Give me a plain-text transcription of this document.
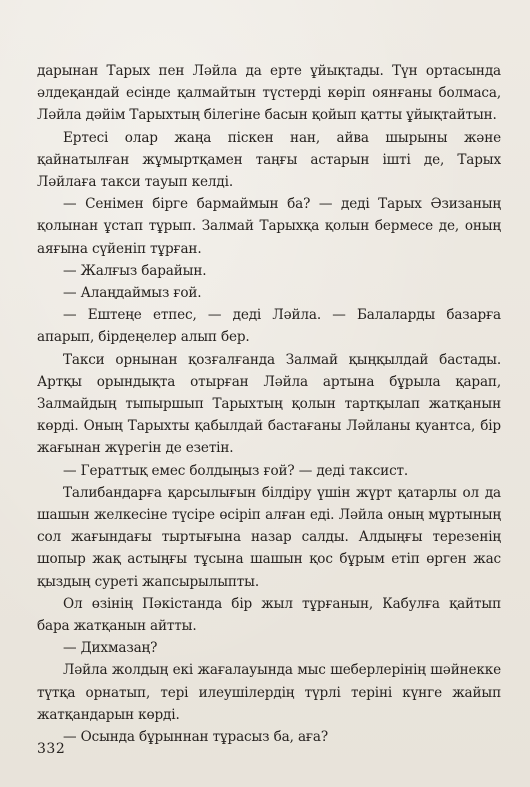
дарынан Тарых пен Ләйла да ерте ұйықтады. Түн ортасында әлдеқандай есінде қалмайтын түстерді көріп оянғаны болмаса, Ләйла дәйім Тарыхтың білегіне басын қойып қатты ұйықтайтын.

Ертесі олар жаңа піскен нан, айва шырыны және қайнатылған жұмыртқамен таңғы астарын ішті де, Тарых Ләйлаға такси тауып келді.

— Сенімен бірге бармаймын ба? — деді Тарых Әзизаның қолынан ұстап тұрып. Залмай Тарыхқа қолын бермесе де, оның аяғына сүйеніп тұрған.

— Жалғыз барайын.

— Алаңдаймыз ғой.

— Ештеңе етпес, — деді Ләйла. — Балаларды базарға апарып, бірдеңелер алып бер.

Такси орнынан қозғалғанда Залмай қыңқылдай бастады. Артқы орындықта отырған Ләйла артына бұрыла қарап, Залмайдың тыпыршып Тарыхтың қолын тартқылап жатқанын көрді. Оның Тарыхты қабылдай бастағаны Ләйланы қуантса, бір жағынан жүрегін де езетін.

— Гераттық емес болдыңыз ғой? — деді таксист.

Талибандарға қарсылығын білдіру үшін жүрт қатарлы ол да шашын желкесіне түсіре өсіріп алған еді. Ләйла оның мұртының сол жағындағы тыртығына назар салды. Алдыңғы терезенің шопыр жақ астыңғы тұсына шашын қос бұрым етіп өрген жас қыздың суреті жапсырылыпты.

Ол өзінің Пәкістанда бір жыл тұрғанын, Кабулға қайтып бара жатқанын айтты.

— Дихмазаң?

Ләйла жолдың екі жағалауында мыс шеберлерінің шәйнекке түтқа орнатып, тері илеушілердің түрлі теріні күнге жайып жатқандарын көрді.

— Осында бұрыннан тұрасыз ба, аға?

332
